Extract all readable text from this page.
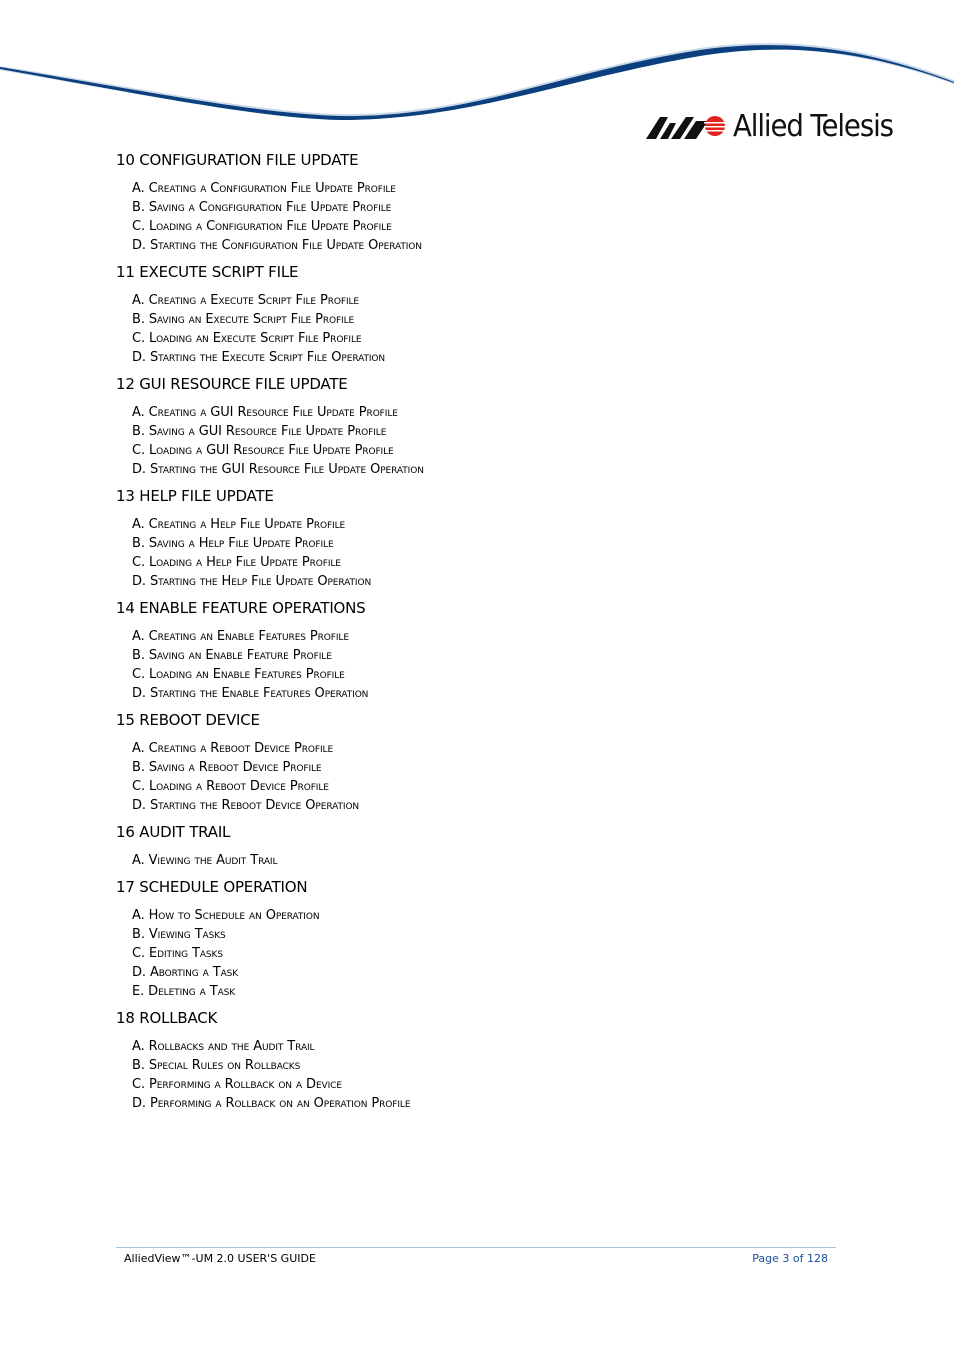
Allied Telesis
10 CONFIGURATION FILE UPDATE
A. Creating a Configuration File Update Profile
B. Saving a Congfiguration File Update Profile
C. Loading a Configuration File Update Profile
D. Starting the Configuration File Update Operation
11 EXECUTE SCRIPT FILE
A. Creating a Execute Script File Profile
B. Saving an Execute Script File Profile
C. Loading an Execute Script File Profile
D. Starting the Execute Script File Operation
12 GUI RESOURCE FILE UPDATE
A. Creating a GUI Resource File Update Profile
B. Saving a GUI Resource File Update Profile
C. Loading a GUI Resource File Update Profile
D. Starting the GUI Resource File Update Operation
13 HELP FILE UPDATE
A. Creating a Help File Update Profile
B. Saving a Help File Update Profile
C. Loading a Help File Update Profile
D. Starting the Help File Update Operation
14 ENABLE FEATURE OPERATIONS
A. Creating an Enable Features Profile
B. Saving an Enable Feature Profile
C. Loading an Enable Features Profile
D. Starting the Enable Features Operation
15 REBOOT DEVICE
A. Creating a Reboot Device Profile
B. Saving a Reboot Device Profile
C. Loading a Reboot Device Profile
D. Starting the Reboot Device Operation
16 AUDIT TRAIL
A. Viewing the Audit Trail
17 SCHEDULE OPERATION
A. How to Schedule an Operation
B. Viewing Tasks
C. Editing Tasks
D. Aborting a Task
E. Deleting a Task
18 ROLLBACK
A. Rollbacks and the Audit Trail
B. Special Rules on Rollbacks
C. Performing a Rollback on a Device
D. Performing a Rollback on an Operation Profile
AlliedView™-UM 2.0 USER'S GUIDE	Page 3 of 128
